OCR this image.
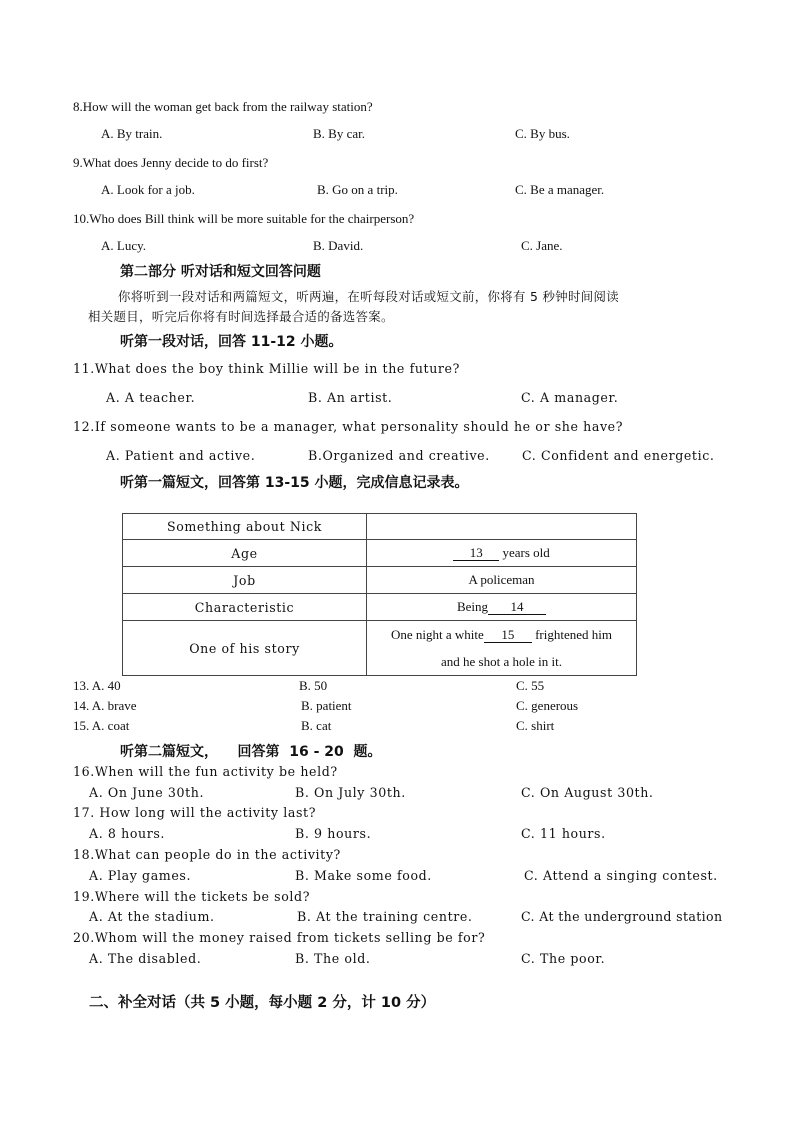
8.How will the woman get back from the railway station?
A. By train.	B. By car.	C. By bus.
9.What does Jenny decide to do first?
A. Look for a job.	B. Go on a trip.	C. Be a manager.
10.Who does Bill think will be more suitable for the chairperson?
A. Lucy.	B. David.	C. Jane.
第二部分 听对话和短文回答问题
你将听到一段对话和两篇短文，听两遍，在听每段对话或短文前，你将有 5 秒钟时间阅读
相关题目，听完后你将有时间选择最合适的备选答案。
听第一段对话，回答 11-12 小题。
11.What does the boy think Millie will be in the future?
A. A teacher.	B. An artist.	C. A manager.
12.If someone wants to be a manager, what personality should he or she have?
A. Patient and active.	B.Organized and creative.	C. Confident and energetic.
听第一篇短文，回答第 13-15 小题，完成信息记录表。
Something about Nick	
Age	13 years old
Job	A policeman
Characteristic	Being 14
One of his story	One night a white 15 frightened him
and he shot a hole in it.
13. A. 40	B. 50	C. 55
14. A. brave	B. patient	C. generous
15. A. coat	B. cat	C. shirt
听第二篇短文，    回答第  16 - 20  题。
16.When will the fun activity be held?
A. On June 30th.	B. On July 30th.	C. On August 30th.
17. How long will the activity last?
A. 8 hours.	B. 9 hours.	C. 11 hours.
18.What can people do in the activity?
A. Play games.	B. Make some food.	C. Attend a singing contest.
19.Where will the tickets be sold?
A. At the stadium.	B. At the training centre.	C. At the underground station
20.Whom will the money raised from tickets selling be for?
A. The disabled.	B. The old.	C. The poor.
二、补全对话（共 5 小题，每小题 2 分，计 10 分）
